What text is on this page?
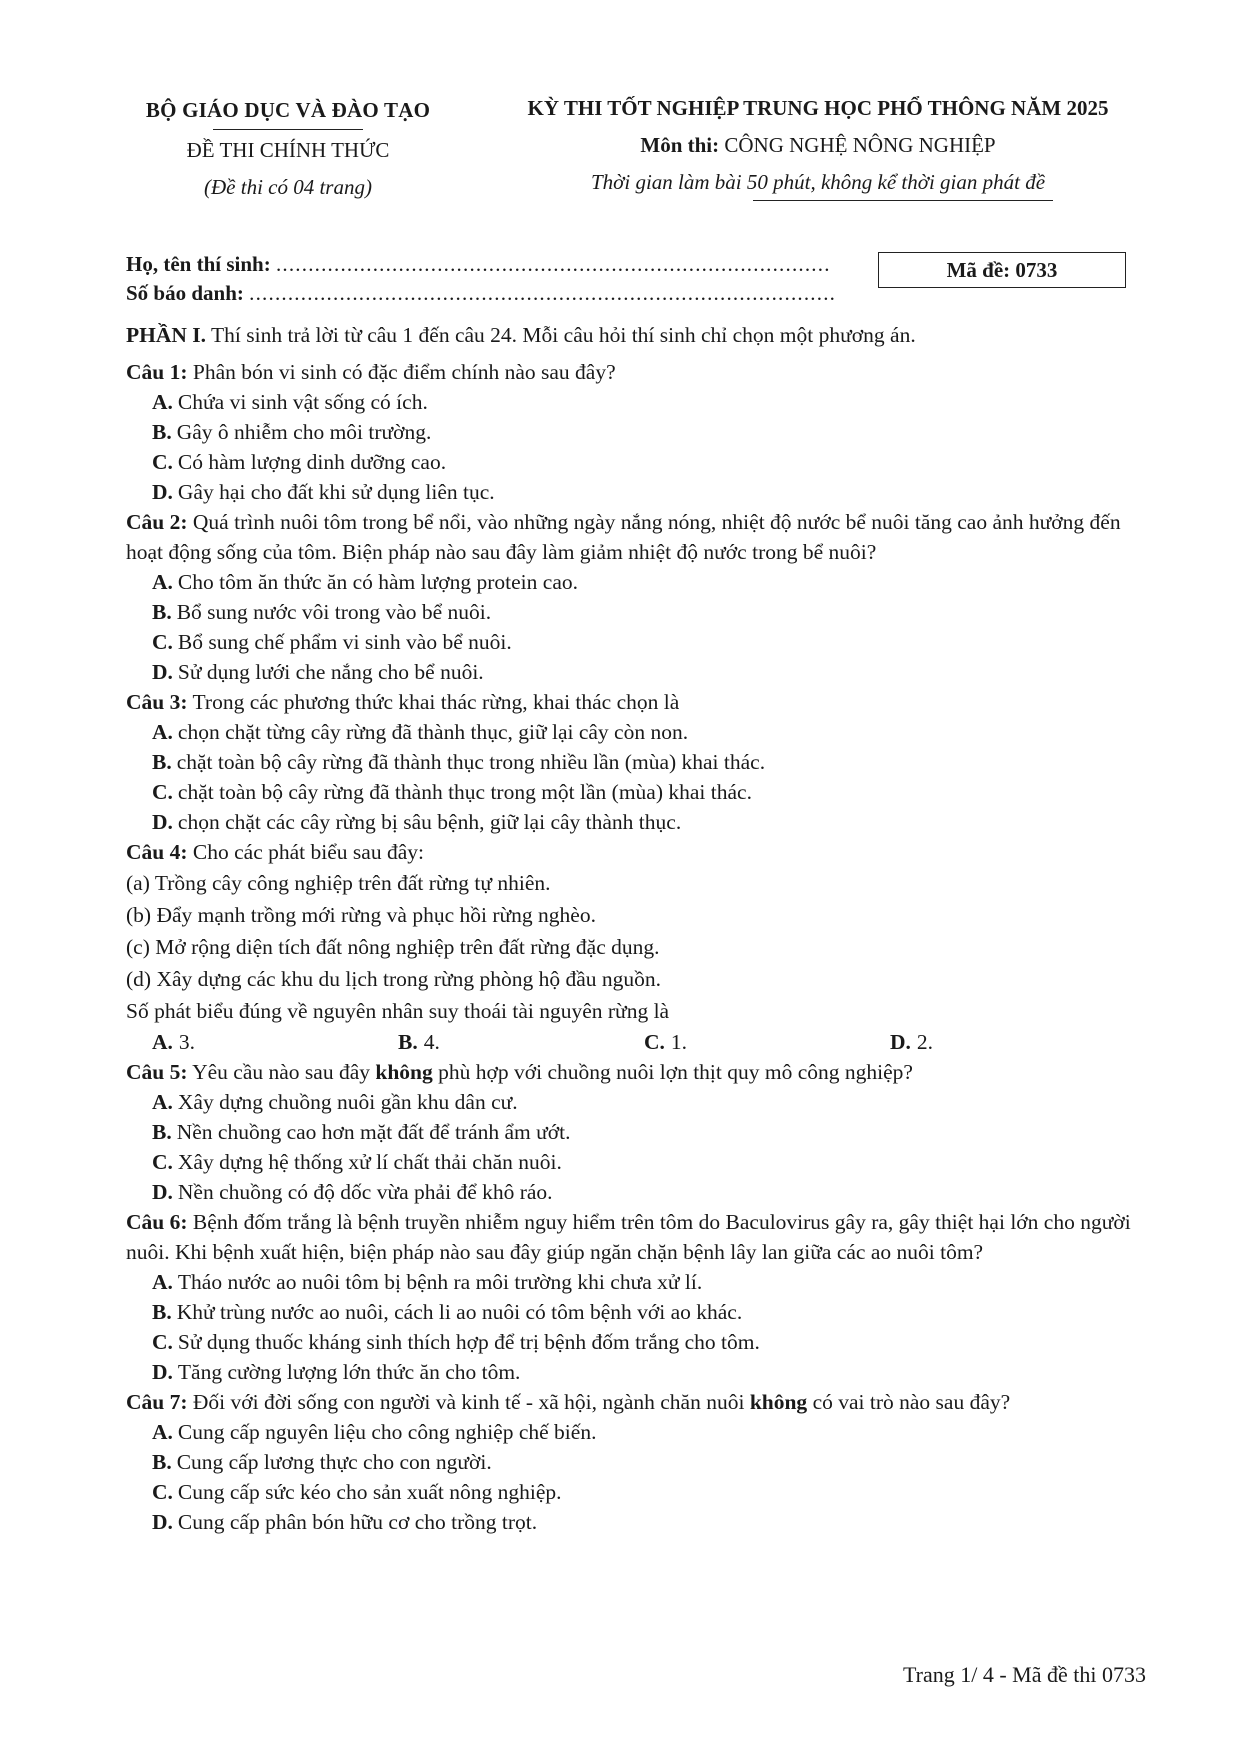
BỘ GIÁO DỤC VÀ ĐÀO TẠO
ĐỀ THI CHÍNH THỨC
(Đề thi có 04 trang)
KỲ THI TỐT NGHIỆP TRUNG HỌC PHỔ THÔNG NĂM 2025
Môn thi: CÔNG NGHỆ NÔNG NGHIỆP
Thời gian làm bài 50 phút, không kể thời gian phát đề
Họ, tên thí sinh: ......................................................................................
Số báo danh: ...........................................................................................
Mã đề:
0733
PHẦN I. Thí sinh trả lời từ câu 1 đến câu 24. Mỗi câu hỏi thí sinh chỉ chọn một phương án.
Câu 1: Phân bón vi sinh có đặc điểm chính nào sau đây?
A. Chứa vi sinh vật sống có ích.
B. Gây ô nhiễm cho môi trường.
C. Có hàm lượng dinh dưỡng cao.
D. Gây hại cho đất khi sử dụng liên tục.
Câu 2: Quá trình nuôi tôm trong bể nổi, vào những ngày nắng nóng, nhiệt độ nước bể nuôi tăng cao ảnh hưởng đến hoạt động sống của tôm. Biện pháp nào sau đây làm giảm nhiệt độ nước trong bể nuôi?
A. Cho tôm ăn thức ăn có hàm lượng protein cao.
B. Bổ sung nước vôi trong vào bể nuôi.
C. Bổ sung chế phẩm vi sinh vào bể nuôi.
D. Sử dụng lưới che nắng cho bể nuôi.
Câu 3: Trong các phương thức khai thác rừng, khai thác chọn là
A. chọn chặt từng cây rừng đã thành thục, giữ lại cây còn non.
B. chặt toàn bộ cây rừng đã thành thục trong nhiều lần (mùa) khai thác.
C. chặt toàn bộ cây rừng đã thành thục trong một lần (mùa) khai thác.
D. chọn chặt các cây rừng bị sâu bệnh, giữ lại cây thành thục.
Câu 4: Cho các phát biểu sau đây:
(a) Trồng cây công nghiệp trên đất rừng tự nhiên.
(b) Đẩy mạnh trồng mới rừng và phục hồi rừng nghèo.
(c) Mở rộng diện tích đất nông nghiệp trên đất rừng đặc dụng.
(d) Xây dựng các khu du lịch trong rừng phòng hộ đầu nguồn.
Số phát biểu đúng về nguyên nhân suy thoái tài nguyên rừng là
A. 3.	B. 4.	C. 1.	D. 2.
Câu 5: Yêu cầu nào sau đây không phù hợp với chuồng nuôi lợn thịt quy mô công nghiệp?
A. Xây dựng chuồng nuôi gần khu dân cư.
B. Nền chuồng cao hơn mặt đất để tránh ẩm ướt.
C. Xây dựng hệ thống xử lí chất thải chăn nuôi.
D. Nền chuồng có độ dốc vừa phải để khô ráo.
Câu 6: Bệnh đốm trắng là bệnh truyền nhiễm nguy hiểm trên tôm do Baculovirus gây ra, gây thiệt hại lớn cho người nuôi. Khi bệnh xuất hiện, biện pháp nào sau đây giúp ngăn chặn bệnh lây lan giữa các ao nuôi tôm?
A. Tháo nước ao nuôi tôm bị bệnh ra môi trường khi chưa xử lí.
B. Khử trùng nước ao nuôi, cách li ao nuôi có tôm bệnh với ao khác.
C. Sử dụng thuốc kháng sinh thích hợp để trị bệnh đốm trắng cho tôm.
D. Tăng cường lượng lớn thức ăn cho tôm.
Câu 7: Đối với đời sống con người và kinh tế - xã hội, ngành chăn nuôi không có vai trò nào sau đây?
A. Cung cấp nguyên liệu cho công nghiệp chế biến.
B. Cung cấp lương thực cho con người.
C. Cung cấp sức kéo cho sản xuất nông nghiệp.
D. Cung cấp phân bón hữu cơ cho trồng trọt.
Trang 1/ 4 - Mã đề thi 0733
